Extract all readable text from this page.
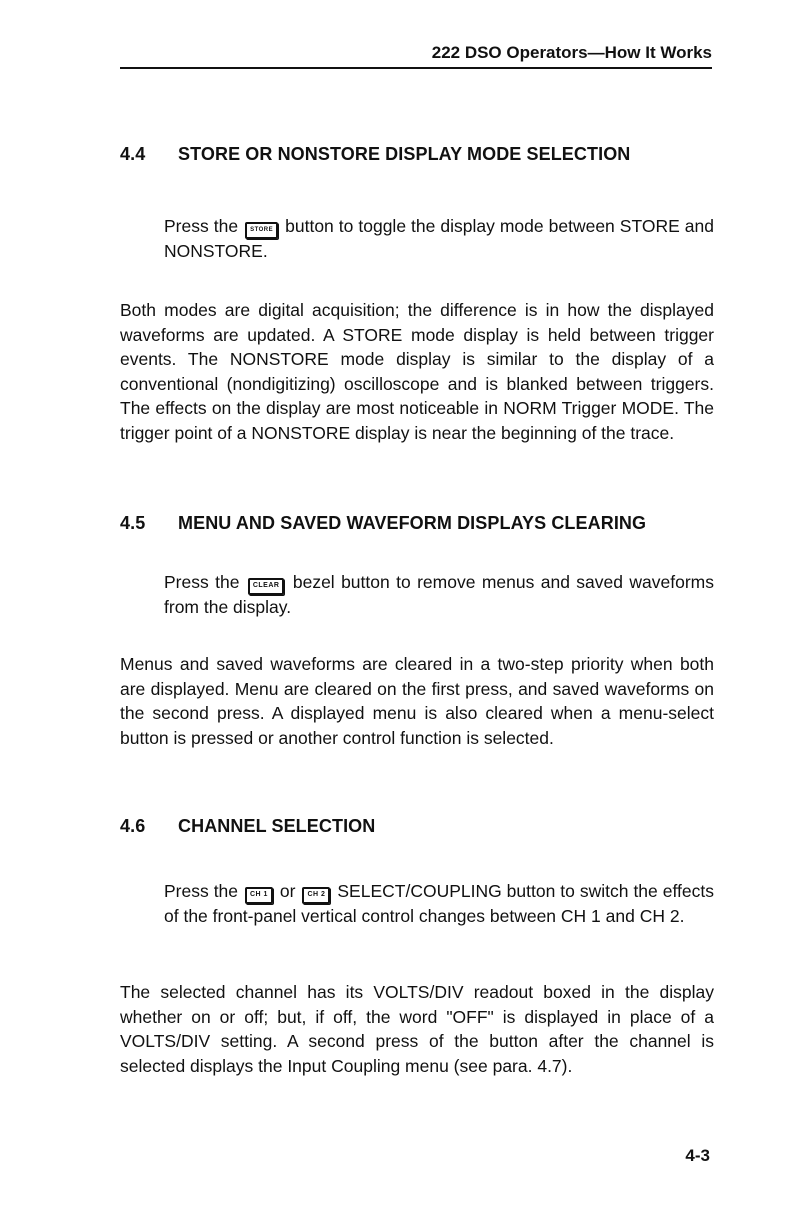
222 DSO Operators—How It Works
4.4 STORE OR NONSTORE DISPLAY MODE SELECTION
Press the STORE button to toggle the display mode between STORE and NONSTORE.
Both modes are digital acquisition; the difference is in how the displayed waveforms are updated. A STORE mode display is held between trigger events. The NONSTORE mode display is similar to the display of a conventional (nondigitizing) oscilloscope and is blanked between triggers. The effects on the display are most noticeable in NORM Trigger MODE. The trigger point of a NONSTORE display is near the beginning of the trace.
4.5 MENU AND SAVED WAVEFORM DISPLAYS CLEARING
Press the CLEAR bezel button to remove menus and saved waveforms from the display.
Menus and saved waveforms are cleared in a two-step priority when both are displayed. Menu are cleared on the first press, and saved waveforms on the second press. A displayed menu is also cleared when a menu-select button is pressed or another control function is selected.
4.6 CHANNEL SELECTION
Press the CH 1 or CH 2 SELECT/COUPLING button to switch the effects of the front-panel vertical control changes between CH 1 and CH 2.
The selected channel has its VOLTS/DIV readout boxed in the display whether on or off; but, if off, the word "OFF" is displayed in place of a VOLTS/DIV setting. A second press of the button after the channel is selected displays the Input Coupling menu (see para. 4.7).
4-3
